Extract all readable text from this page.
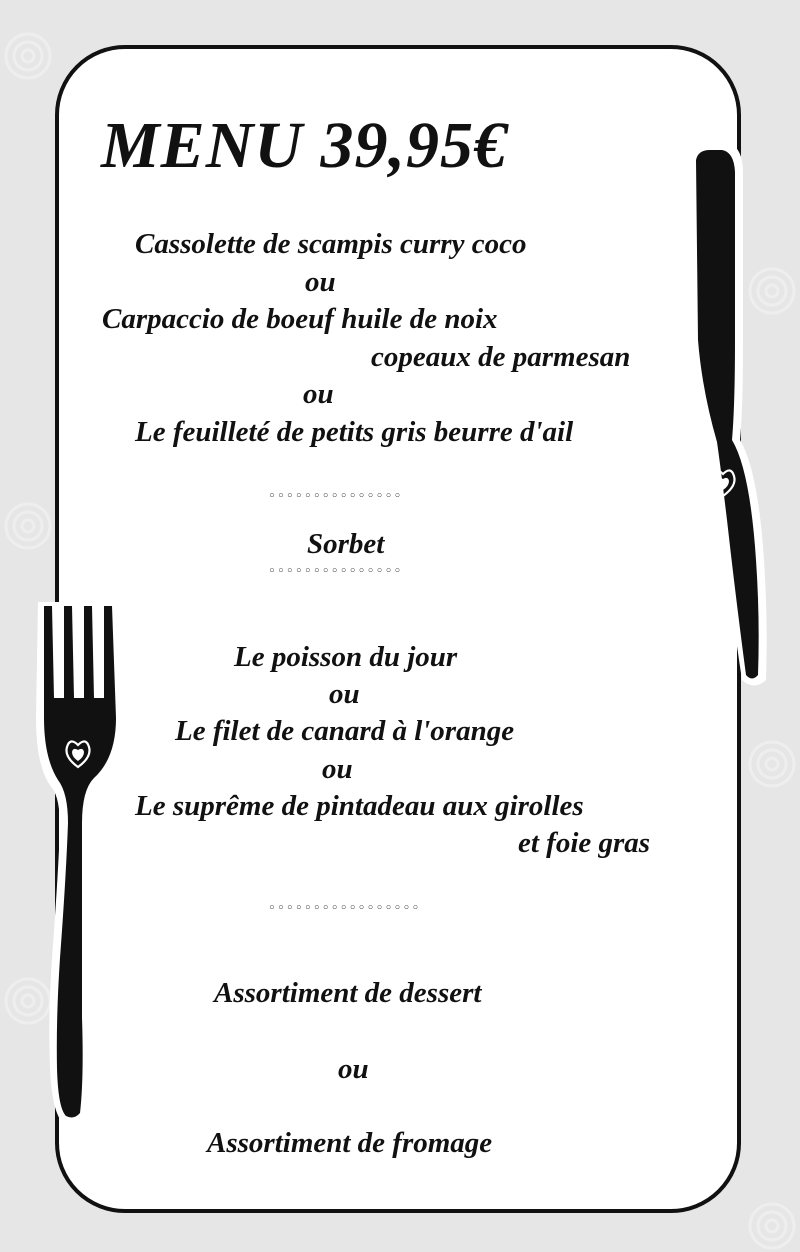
MENU 39,95€
Cassolette de scampis curry coco
ou
Carpaccio de boeuf huile de noix
copeaux de parmesan
ou
Le feuilleté de petits gris beurre d'ail
◦◦◦◦◦◦◦◦◦◦◦◦◦◦◦
Sorbet
◦◦◦◦◦◦◦◦◦◦◦◦◦◦◦
Le poisson du jour
ou
Le filet de canard à l'orange
ou
Le suprême de pintadeau aux girolles
et foie gras
◦◦◦◦◦◦◦◦◦◦◦◦◦◦◦◦◦
Assortiment de dessert
ou
Assortiment de fromage
